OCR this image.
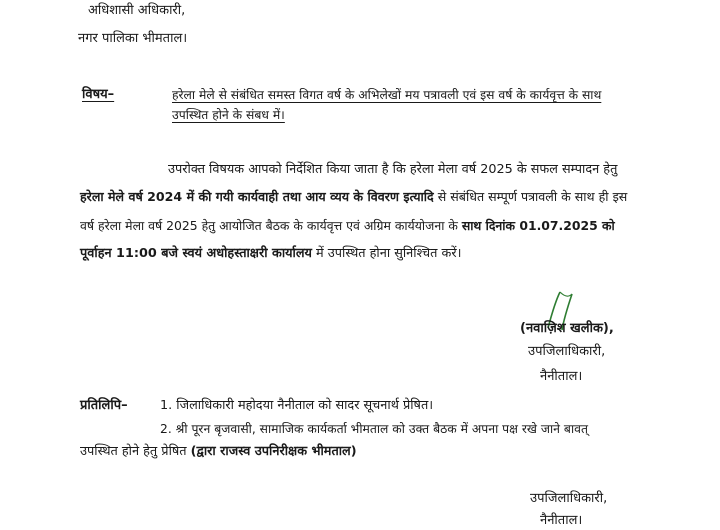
अधिशासी अधिकारी,
नगर पालिका भीमताल।
विषय–	हरेला मेले से संबंधित समस्त विगत वर्ष के अभिलेखों मय पत्रावली एवं इस वर्ष के कार्यवृत्त के साथ
उपस्थित होने के संबध में।
उपरोक्त विषयक आपको निर्देशित किया जाता है कि हरेला मेला वर्ष 2025 के सफल सम्पादन हेतु
हरेला मेले वर्ष 2024 में की गयी कार्यवाही तथा आय व्यय के विवरण इत्यादि से संबंधित सम्पूर्ण पत्रावली के साथ ही इस
वर्ष हरेला मेला वर्ष 2025 हेतु आयोजित बैठक के कार्यवृत्त एवं अग्रिम कार्ययोजना के साथ दिनांक 01.07.2025 को
पूर्वाहन 11:00 बजे स्वयं अधोहस्ताक्षरी कार्यालय में उपस्थित होना सुनिश्चित करें।
(नवाज़िश खलीक),
उपजिलाधिकारी,
नैनीताल।
प्रतिलिपि–	1. जिलाधिकारी महोदया नैनीताल को सादर सूचनार्थ प्रेषित।
2. श्री पूरन बृजवासी, सामाजिक कार्यकर्ता भीमताल को उक्त बैठक में अपना पक्ष रखे जाने बावत्
उपस्थित होने हेतु प्रेषित (द्वारा राजस्व उपनिरीक्षक भीमताल)
उपजिलाधिकारी,
नैनीताल।
